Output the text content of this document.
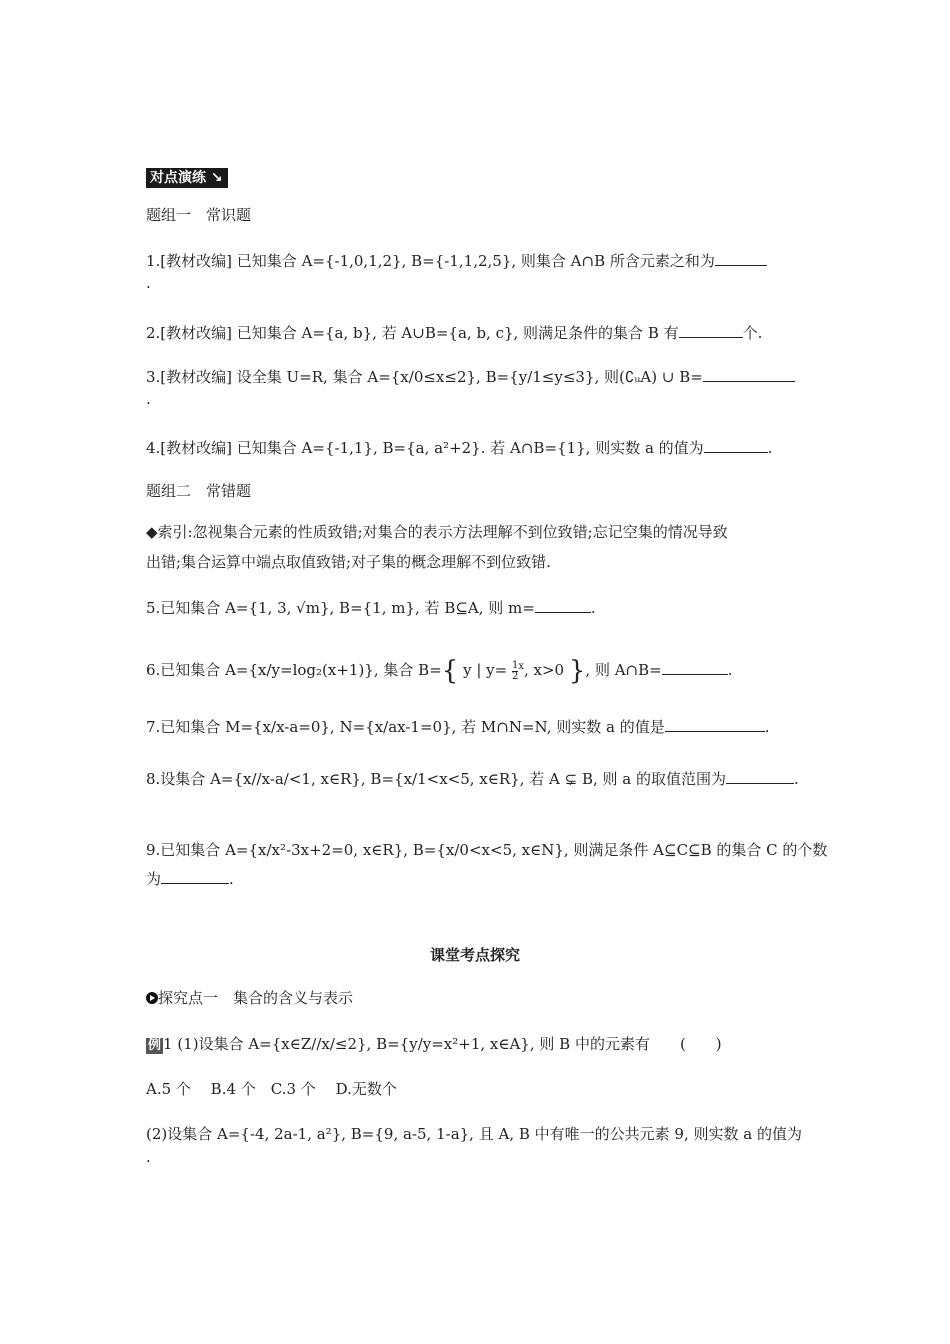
对点演练 ↘
题组一　常识题
1.[教材改编] 已知集合 A={-1,0,1,2}, B={-1,1,2,5}, 则集合 A∩B 所含元素之和为
.
2.[教材改编] 已知集合 A={a, b}, 若 A∪B={a, b, c}, 则满足条件的集合 B 有	个.
3.[教材改编] 设全集 U=R, 集合 A={x/0≤x≤2}, B={y/1≤y≤3}, 则(∁ᵤA) ∪ B=
.
4.[教材改编] 已知集合 A={-1,1}, B={a, a²+2}. 若 A∩B={1}, 则实数 a 的值为	.
题组二　常错题
◆索引:忽视集合元素的性质致错;对集合的表示方法理解不到位致错;忘记空集的情况导致
出错;集合运算中端点取值致错;对子集的概念理解不到位致错.
5.已知集合 A={1, 3, √m}, B={1, m}, 若 B⊆A, 则 m=	.
6.已知集合 A={x/y=log₂(x+1)}, 集合 B={ y | $y= \frac{1}{2} ^x$, x>0 }, 则 A∩B=	.
7.已知集合 M={x/x-a=0}, N={x/ax-1=0}, 若 M∩N=N, 则实数 a 的值是	.
8.设集合 A={x//x-a/<1, x∈R}, B={x/1<x<5, x∈R}, 若 A ⊊ B, 则 a 的取值范围为	.
9.已知集合 A={x/x²-3x+2=0, x∈R}, B={x/0<x<5, x∈N}, 则满足条件 A⊆C⊆B 的集合 C 的个数
为	.
课堂考点探究
探究点一　集合的含义与表示
例 1 (1)设集合 A={x∈Z//x/≤2}, B={y/y=x²+1, x∈A}, 则 B 中的元素有　　(　　)
A.5 个　 B.4 个　C.3 个　 D.无数个
(2)设集合 A={-4, 2a-1, a²}, B={9, a-5, 1-a}, 且 A, B 中有唯一的公共元素 9, 则实数 a 的值为
.
